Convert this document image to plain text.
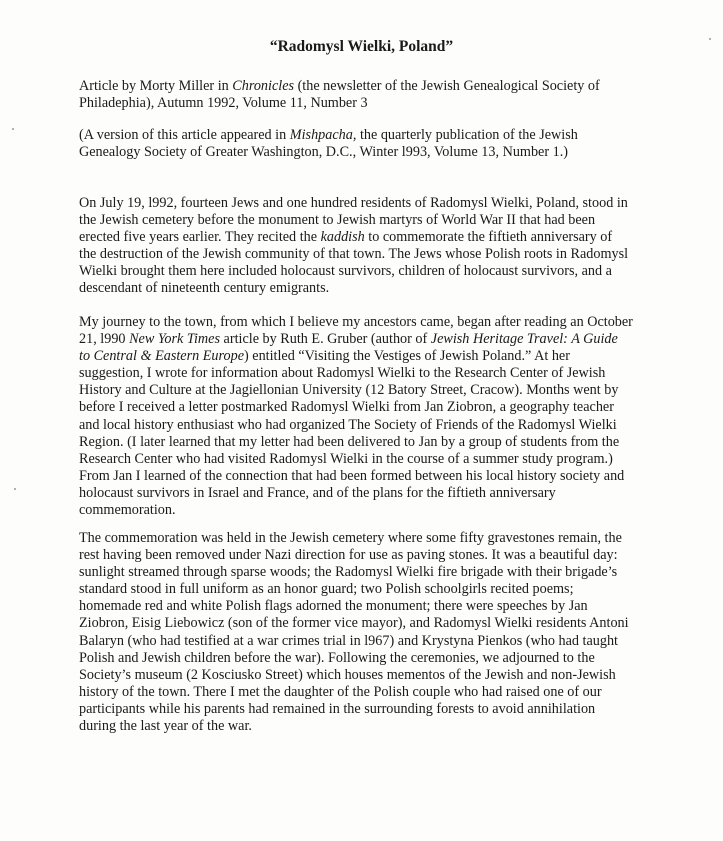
“Radomysl Wielki, Poland”
Article by Morty Miller in Chronicles (the newsletter of the Jewish Genealogical Society of
Philadephia), Autumn 1992, Volume 11, Number 3
(A version of this article appeared in Mishpacha, the quarterly publication of the Jewish
Genealogy Society of Greater Washington, D.C., Winter l993, Volume 13, Number 1.)
On July 19, l992, fourteen Jews and one hundred residents of Radomysl Wielki, Poland, stood in
the Jewish cemetery before the monument to Jewish martyrs of World War II that had been
erected five years earlier. They recited the kaddish to commemorate the fiftieth anniversary of
the destruction of the Jewish community of that town. The Jews whose Polish roots in Radomysl
Wielki brought them here included holocaust survivors, children of holocaust survivors, and a
descendant of nineteenth century emigrants.
My journey to the town, from which I believe my ancestors came, began after reading an October
21, l990 New York Times article by Ruth E. Gruber (author of Jewish Heritage Travel: A Guide
to Central & Eastern Europe) entitled “Visiting the Vestiges of Jewish Poland.” At her
suggestion, I wrote for information about Radomysl Wielki to the Research Center of Jewish
History and Culture at the Jagiellonian University (12 Batory Street, Cracow). Months went by
before I received a letter postmarked Radomysl Wielki from Jan Ziobron, a geography teacher
and local history enthusiast who had organized The Society of Friends of the Radomysl Wielki
Region. (I later learned that my letter had been delivered to Jan by a group of students from the
Research Center who had visited Radomysl Wielki in the course of a summer study program.)
From Jan I learned of the connection that had been formed between his local history society and
holocaust survivors in Israel and France, and of the plans for the fiftieth anniversary
commemoration.
The commemoration was held in the Jewish cemetery where some fifty gravestones remain, the
rest having been removed under Nazi direction for use as paving stones. It was a beautiful day:
sunlight streamed through sparse woods; the Radomysl Wielki fire brigade with their brigade’s
standard stood in full uniform as an honor guard; two Polish schoolgirls recited poems;
homemade red and white Polish flags adorned the monument; there were speeches by Jan
Ziobron, Eisig Liebowicz (son of the former vice mayor), and Radomysl Wielki residents Antoni
Balaryn (who had testified at a war crimes trial in l967) and Krystyna Pienkos (who had taught
Polish and Jewish children before the war). Following the ceremonies, we adjourned to the
Society’s museum (2 Kosciusko Street) which houses mementos of the Jewish and non-Jewish
history of the town. There I met the daughter of the Polish couple who had raised one of our
participants while his parents had remained in the surrounding forests to avoid annihilation
during the last year of the war.
